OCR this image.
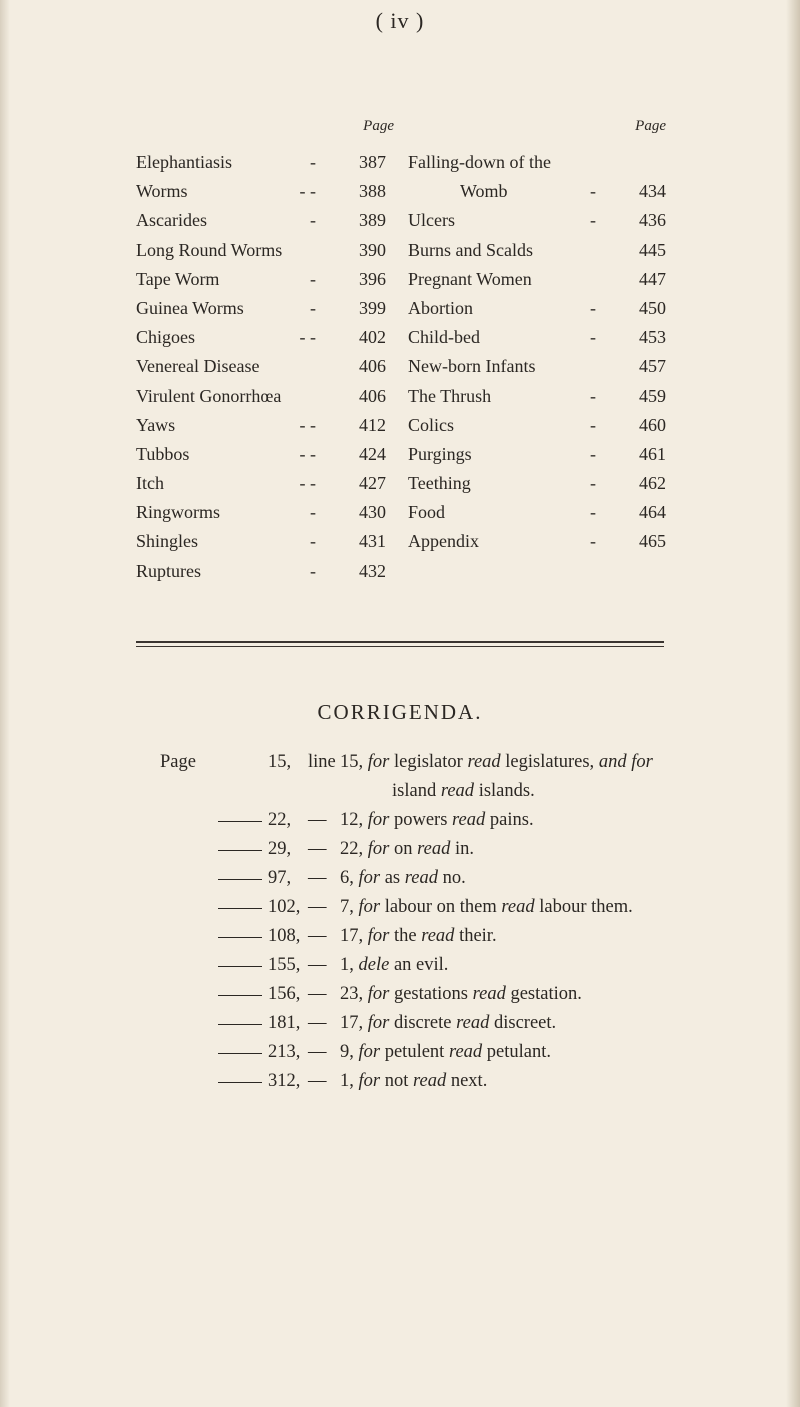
( iv )
Page
Elephantiasis	- 387
Worms	- - 388
Ascarides	- 389
Long Round Worms	390
Tape Worm	- 396
Guinea Worms	- 399
Chigoes	- - 402
Venereal Disease	406
Virulent Gonorrhœa	406
Yaws	- - 412
Tubbos	- - 424
Itch	- - 427
Ringworms	- 430
Shingles	- 431
Ruptures	- 432
Page
Falling-down of the
Womb	- 434
Ulcers	- 436
Burns and Scalds	445
Pregnant Women	447
Abortion	- 450
Child-bed	- 453
New-born Infants	457
The Thrush	- 459
Colics	- 460
Purgings	- 461
Teething	- 462
Food	- 464
Appendix	- 465
CORRIGENDA.
Page	15, line 15, for legislator read legislatures, and for
island read islands.
22, — 12, for powers read pains.
29, — 22, for on read in.
97, — 6, for as read no.
102, — 7, for labour on them read labour them.
108, — 17, for the read their.
155, — 1, dele an evil.
156, — 23, for gestations read gestation.
181, — 17, for discrete read discreet.
213, — 9, for petulent read petulant.
312, — 1, for not read next.
